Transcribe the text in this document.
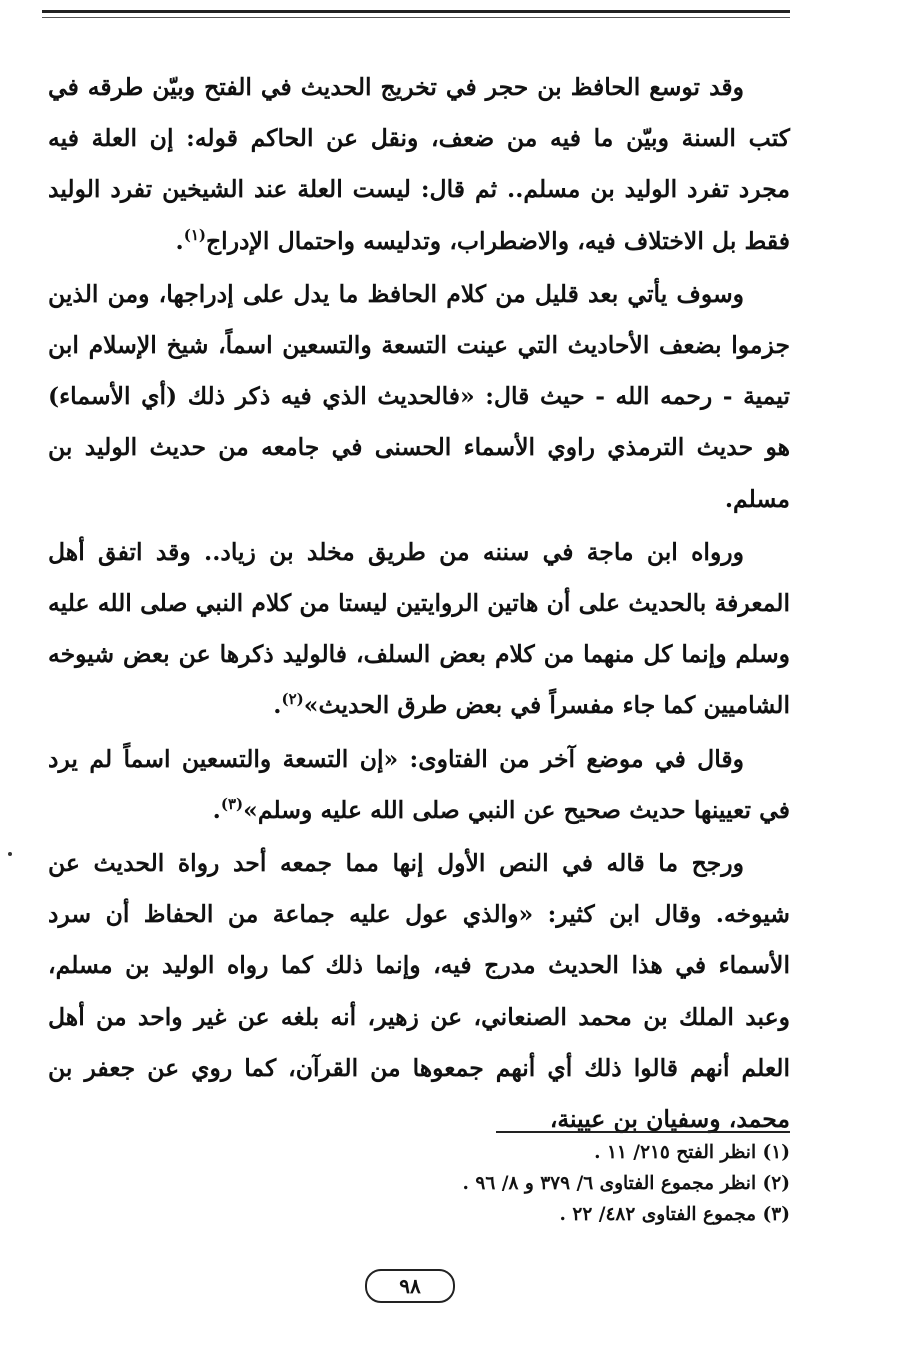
وقد توسع الحافظ بن حجر في تخريج الحديث في الفتح وبيّن طرقه في كتب السنة وبيّن ما فيه من ضعف، ونقل عن الحاكم قوله: إن العلة فيه مجرد تفرد الوليد بن مسلم.. ثم قال: ليست العلة عند الشيخين تفرد الوليد فقط بل الاختلاف فيه، والاضطراب، وتدليسه واحتمال الإدراج$^{(١)}$.

وسوف يأتي بعد قليل من كلام الحافظ ما يدل على إدراجها، ومن الذين جزموا بضعف الأحاديث التي عينت التسعة والتسعين اسماً، شيخ الإسلام ابن تيمية - رحمه الله - حيث قال: «فالحديث الذي فيه ذكر ذلك (أي الأسماء) هو حديث الترمذي راوي الأسماء الحسنى في جامعه من حديث الوليد بن مسلم.

ورواه ابن ماجة في سننه من طريق مخلد بن زياد.. وقد اتفق أهل المعرفة بالحديث على أن هاتين الروايتين ليستا من كلام النبي صلى الله عليه وسلم وإنما كل منهما من كلام بعض السلف، فالوليد ذكرها عن بعض شيوخه الشاميين كما جاء مفسراً في بعض طرق الحديث»$^{(٢)}$.

وقال في موضع آخر من الفتاوى: «إن التسعة والتسعين اسماً لم يرد في تعيينها حديث صحيح عن النبي صلى الله عليه وسلم»$^{(٣)}$.

ورجح ما قاله في النص الأول إنها مما جمعه أحد رواة الحديث عن شيوخه. وقال ابن كثير: «والذي عول عليه جماعة من الحفاظ أن سرد الأسماء في هذا الحديث مدرج فيه، وإنما ذلك كما رواه الوليد بن مسلم، وعبد الملك بن محمد الصنعاني، عن زهير، أنه بلغه عن غير واحد من أهل العلم أنهم قالوا ذلك أي أنهم جمعوها من القرآن، كما روي عن جعفر بن محمد، وسفيان بن عيينة،

(١) انظر الفتح ٢١٥/ ١١ .

(٢) انظر مجموع الفتاوى ٦/ ٣٧٩ و ٨/ ٩٦ .

(٣) مجموع الفتاوى ٤٨٢/ ٢٢ .

٩٨
